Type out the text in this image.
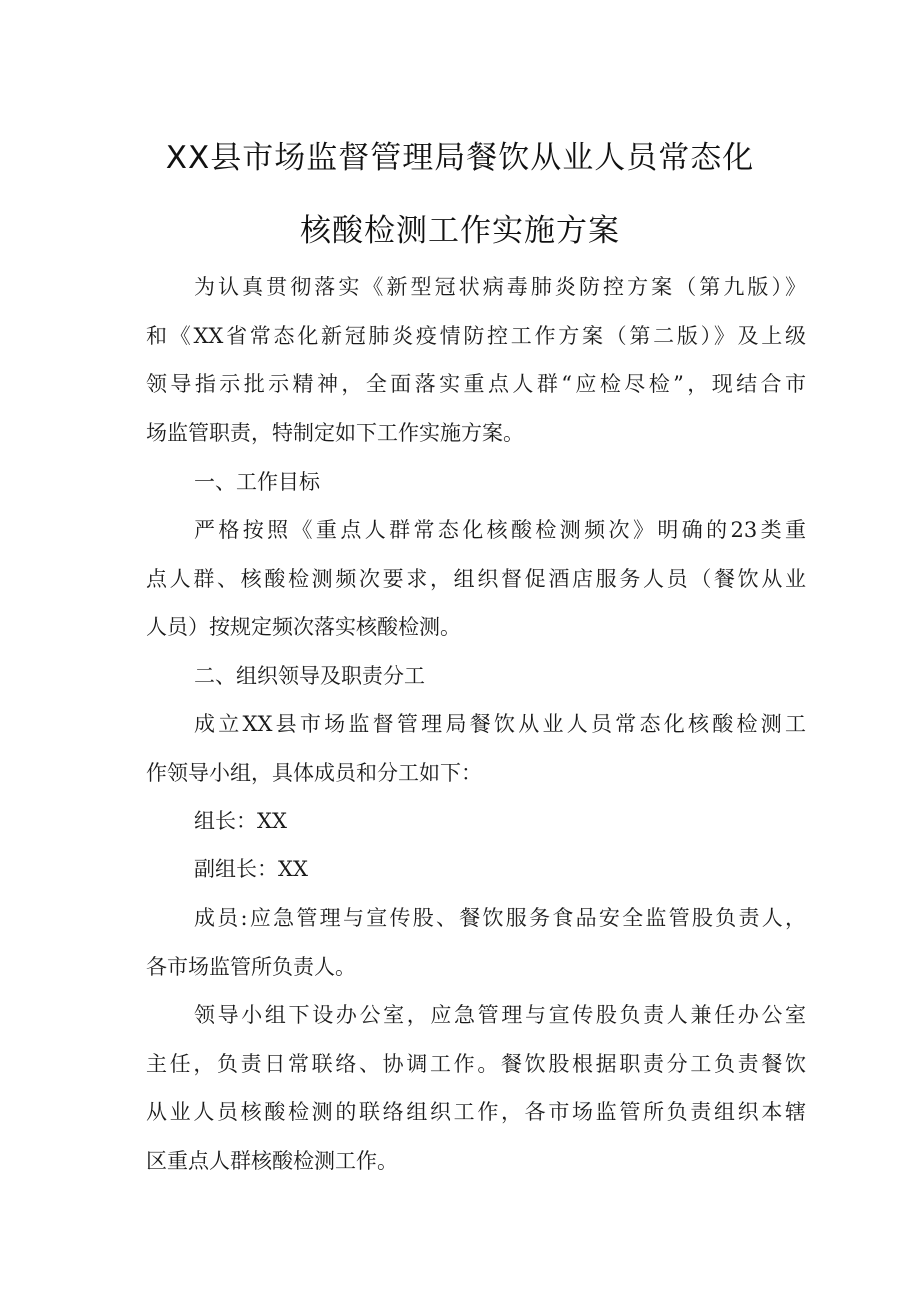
XX县市场监督管理局餐饮从业人员常态化
核酸检测工作实施方案

为认真贯彻落实《新型冠状病毒肺炎防控方案（第九版）》
和《XX省常态化新冠肺炎疫情防控工作方案（第二版）》及上级
领导指示批示精神，全面落实重点人群“应检尽检”，现结合市
场监管职责，特制定如下工作实施方案。

一、工作目标

严格按照《重点人群常态化核酸检测频次》明确的23类重
点人群、核酸检测频次要求，组织督促酒店服务人员（餐饮从业
人员）按规定频次落实核酸检测。

二、组织领导及职责分工

成立XX县市场监督管理局餐饮从业人员常态化核酸检测工
作领导小组，具体成员和分工如下：

组长：XX

副组长：XX

成员:应急管理与宣传股、餐饮服务食品安全监管股负责人，
各市场监管所负责人。

领导小组下设办公室，应急管理与宣传股负责人兼任办公室
主任，负责日常联络、协调工作。餐饮股根据职责分工负责餐饮
从业人员核酸检测的联络组织工作，各市场监管所负责组织本辖
区重点人群核酸检测工作。
